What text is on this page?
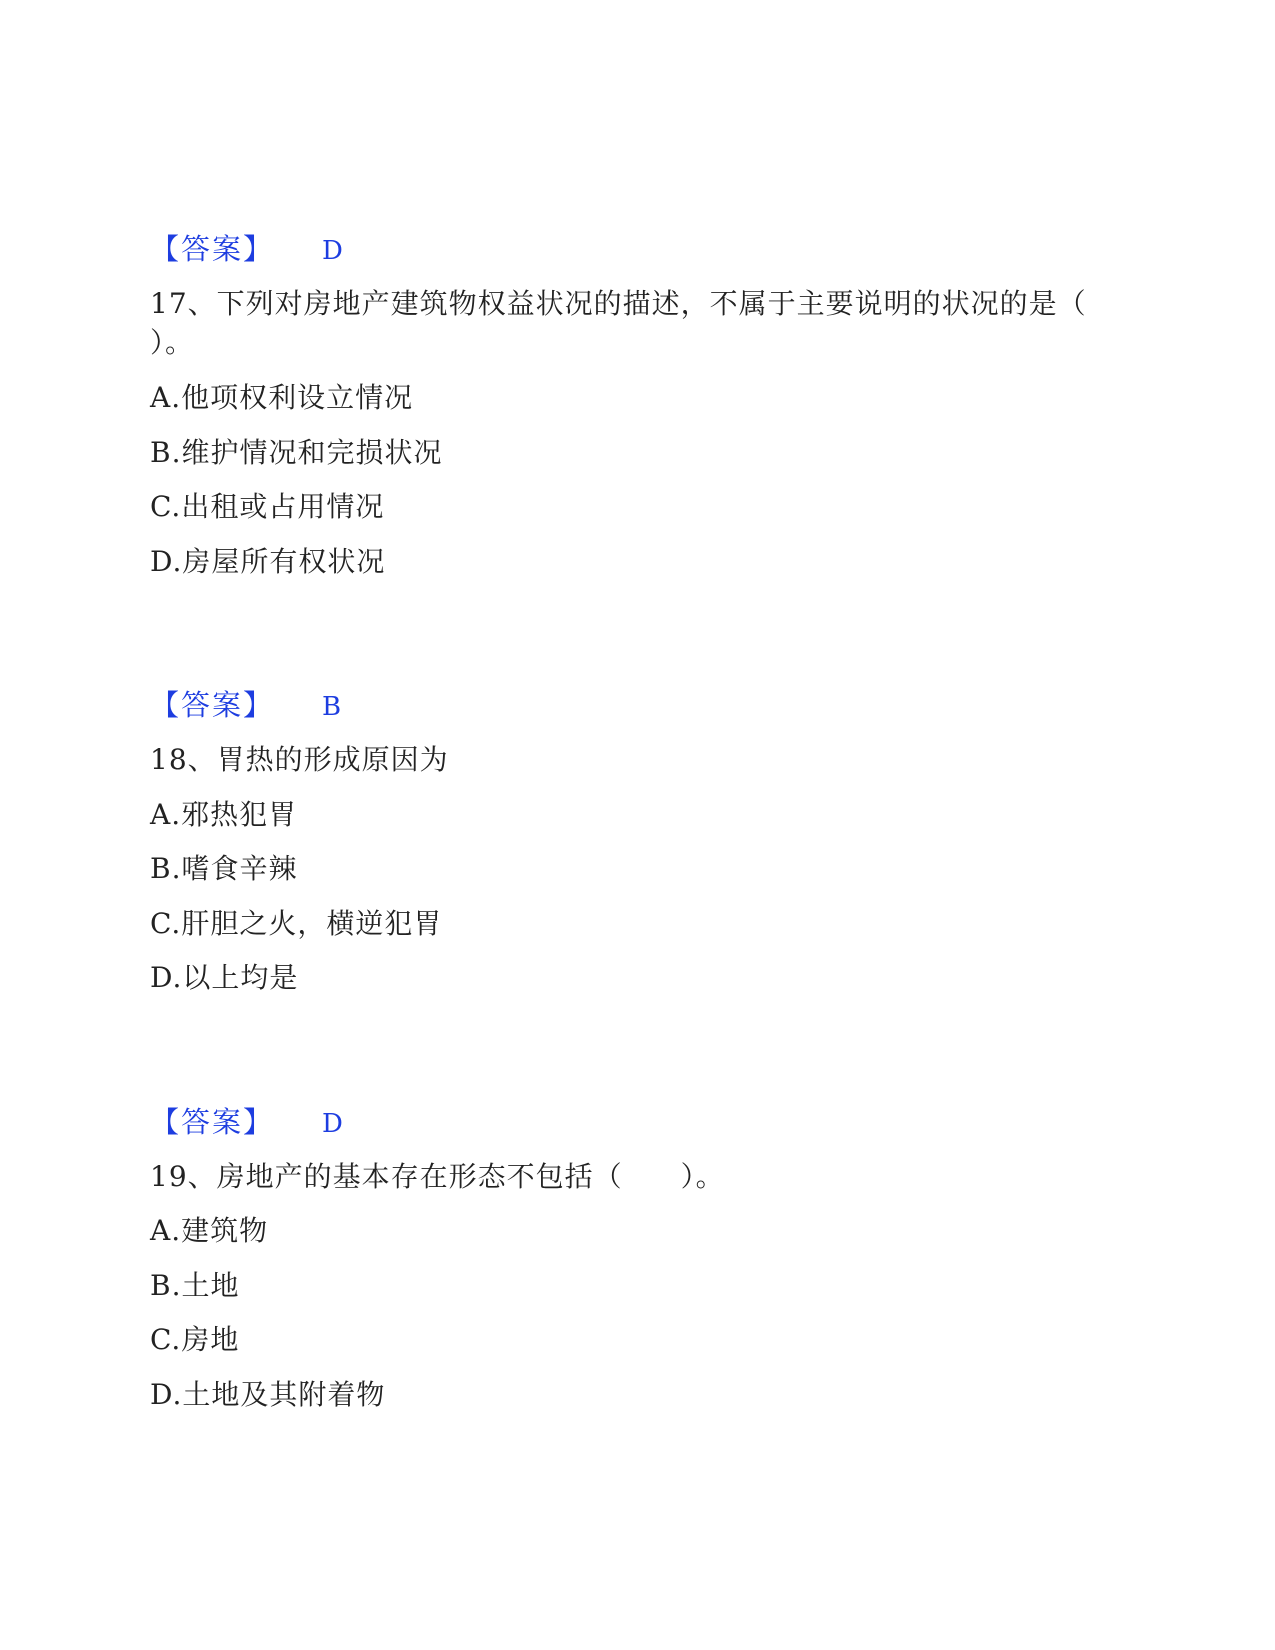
【答案】 D
17、下列对房地产建筑物权益状况的描述，不属于主要说明的状况的是（
）。
A.他项权利设立情况
B.维护情况和完损状况
C.出租或占用情况
D.房屋所有权状况
【答案】 B
18、胃热的形成原因为
A.邪热犯胃
B.嗜食辛辣
C.肝胆之火，横逆犯胃
D.以上均是
【答案】 D
19、房地产的基本存在形态不包括（　　）。
A.建筑物
B.土地
C.房地
D.土地及其附着物
